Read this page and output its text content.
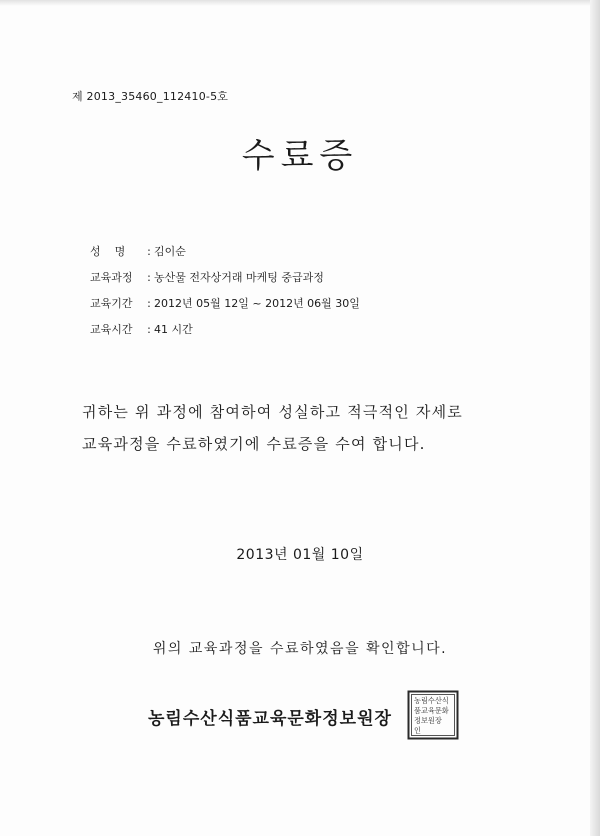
제 2013_35460_112410-5호
수료증
성명 : 김이순
교육과정 : 농산물 전자상거래 마케팅 중급과정
교육기간 : 2012년 05월 12일 ~ 2012년 06월 30일
교육시간 : 41 시간
귀하는 위 과정에 참여하여 성실하고 적극적인 자세로
교육과정을 수료하였기에 수료증을 수여 합니다.
2013년 01월 10일
위의 교육과정을 수료하였음을 확인합니다.
농림수산식품교육문화정보원장
농림수산식
품교육문화
정보원장
인
